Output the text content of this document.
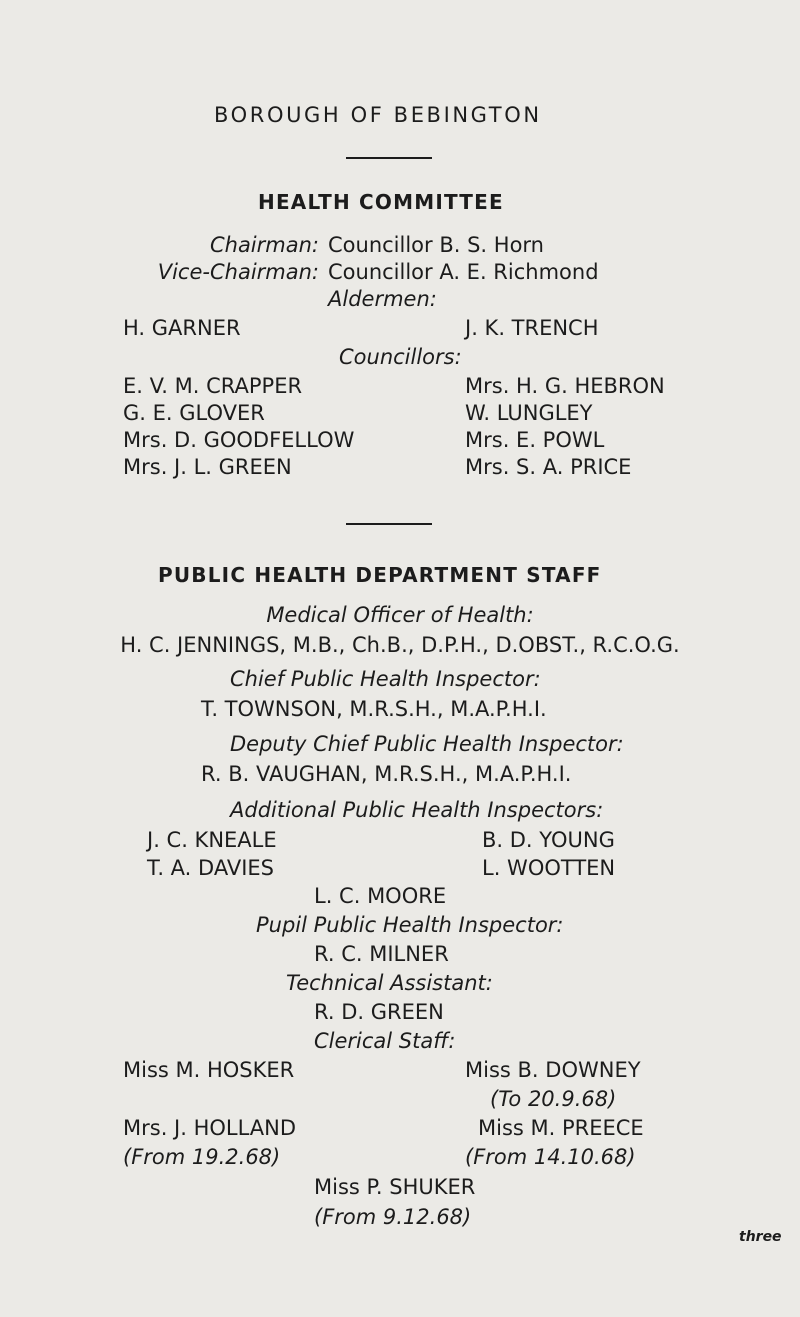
BOROUGH OF BEBINGTON
HEALTH COMMITTEE
Chairman: Councillor B. S. Horn
Vice-Chairman: Councillor A. E. Richmond
Aldermen:
H. GARNER	J. K. TRENCH
Councillors:
E. V. M. CRAPPER
G. E. GLOVER
Mrs. D. GOODFELLOW
Mrs. J. L. GREEN
Mrs. H. G. HEBRON
W. LUNGLEY
Mrs. E. POWL
Mrs. S. A. PRICE
PUBLIC HEALTH DEPARTMENT STAFF
Medical Officer of Health:
H. C. JENNINGS, M.B., Ch.B., D.P.H., D.OBST., R.C.O.G.
Chief Public Health Inspector:
T. TOWNSON, M.R.S.H., M.A.P.H.I.
Deputy Chief Public Health Inspector:
R. B. VAUGHAN, M.R.S.H., M.A.P.H.I.
Additional Public Health Inspectors:
J. C. KNEALE
T. A. DAVIES
B. D. YOUNG
L. WOOTTEN
L. C. MOORE
Pupil Public Health Inspector:
R. C. MILNER
Technical Assistant:
R. D. GREEN
Clerical Staff:
Miss M. HOSKER	Miss B. DOWNEY
(To 20.9.68)
Mrs. J. HOLLAND
(From 19.2.68)
Miss M. PREECE
(From 14.10.68)
Miss P. SHUKER
(From 9.12.68)
three
